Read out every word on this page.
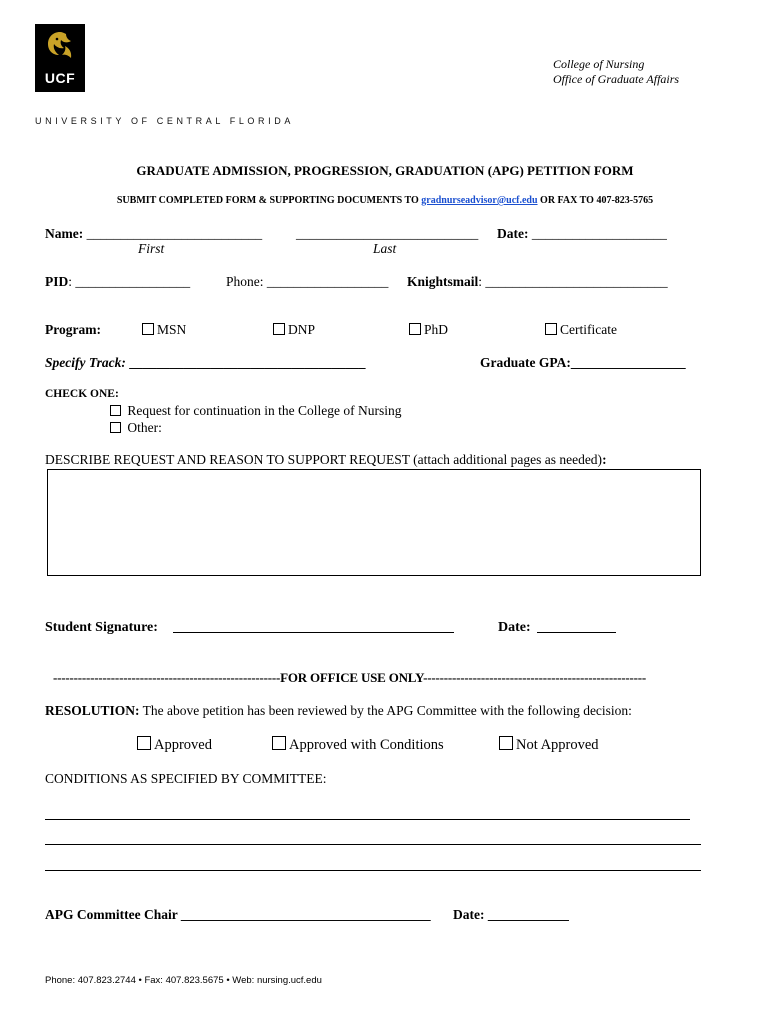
UCF
UNIVERSITY OF CENTRAL FLORIDA
College of Nursing
Office of Graduate Affairs
GRADUATE ADMISSION, PROGRESSION, GRADUATION (APG) PETITION FORM
SUBMIT COMPLETED FORM & SUPPORTING DOCUMENTS TO gradnurseadvisor@ucf.edu OR FAX TO 407-823-5765
Name: __________________________	___________________________ Date: ____________________
First	Last
PID: _________________	Phone: __________________ Knightsmail: ___________________________
Program:	MSN	DNP	PhD	Certificate
Specify Track: ___________________________________	Graduate GPA:_________________
CHECK ONE:
Request for continuation in the College of Nursing
Other:
DESCRIBE REQUEST AND REASON TO SUPPORT REQUEST (attach additional pages as needed):
Student Signature:	Date:
-------------------------------------------------------FOR OFFICE USE ONLY------------------------------------------------------
RESOLUTION: The above petition has been reviewed by the APG Committee with the following decision:
Approved	Approved with Conditions	Not Approved
CONDITIONS AS SPECIFIED BY COMMITTEE:
APG Committee Chair _____________________________________ Date: ____________
Phone: 407.823.2744 • Fax: 407.823.5675 • Web: nursing.ucf.edu
